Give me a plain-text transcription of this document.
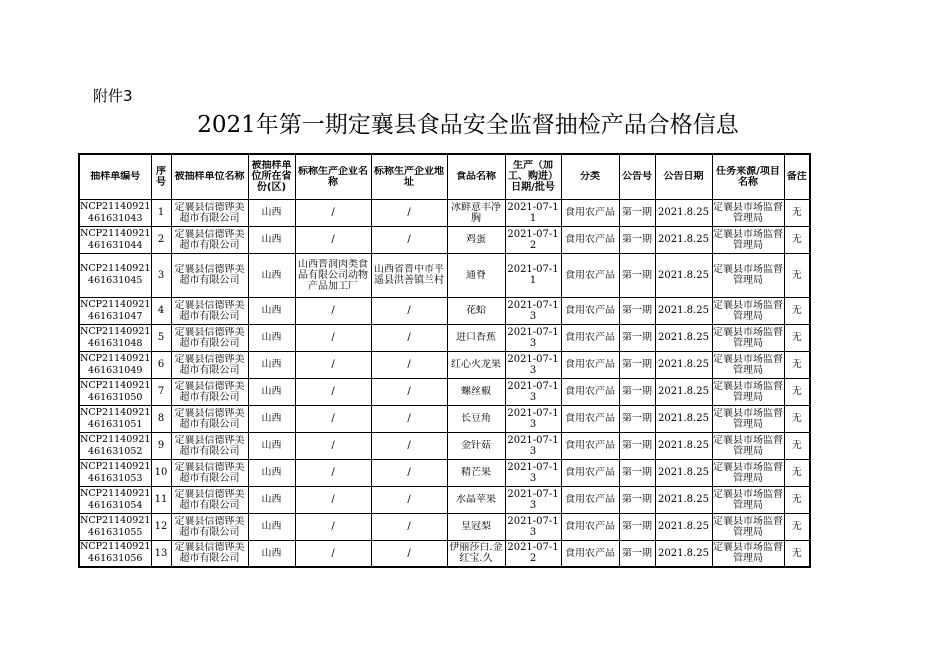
附件3
2021年第一期定襄县食品安全监督抽检产品合格信息
抽样单编号	序号	被抽样单位名称	被抽样单位所在省份(区)	标称生产企业名称	标称生产企业地址	食品名称	生产（加工、购进）日期/批号	分类	公告号	公告日期	任务来源/项目名称	备注

NCP21140921461631043	1	定襄县信德铧美超市有限公司	山西	/	/	冰鲜意丰净胸	2021-07-11	食用农产品	第一期	2021.8.25	定襄县市场监督管理局	无

NCP21140921461631044	2	定襄县信德铧美超市有限公司	山西	/	/	鸡蛋	2021-07-12	食用农产品	第一期	2021.8.25	定襄县市场监督管理局	无

NCP21140921461631045	3	定襄县信德铧美超市有限公司	山西	山西晋润肉类食品有限公司动物产品加工厂	山西省晋中市平遥县洪善镇兰村	通脊	2021-07-11	食用农产品	第一期	2021.8.25	定襄县市场监督管理局	无

NCP21140921461631047	4	定襄县信德铧美超市有限公司	山西	/	/	花蛤	2021-07-13	食用农产品	第一期	2021.8.25	定襄县市场监督管理局	无

NCP21140921461631048	5	定襄县信德铧美超市有限公司	山西	/	/	进口香蕉	2021-07-13	食用农产品	第一期	2021.8.25	定襄县市场监督管理局	无

NCP21140921461631049	6	定襄县信德铧美超市有限公司	山西	/	/	红心火龙果	2021-07-13	食用农产品	第一期	2021.8.25	定襄县市场监督管理局	无

NCP21140921461631050	7	定襄县信德铧美超市有限公司	山西	/	/	螺丝椒	2021-07-13	食用农产品	第一期	2021.8.25	定襄县市场监督管理局	无

NCP21140921461631051	8	定襄县信德铧美超市有限公司	山西	/	/	长豆角	2021-07-13	食用农产品	第一期	2021.8.25	定襄县市场监督管理局	无

NCP21140921461631052	9	定襄县信德铧美超市有限公司	山西	/	/	金针菇	2021-07-13	食用农产品	第一期	2021.8.25	定襄县市场监督管理局	无

NCP21140921461631053	10	定襄县信德铧美超市有限公司	山西	/	/	精芒果	2021-07-13	食用农产品	第一期	2021.8.25	定襄县市场监督管理局	无

NCP21140921461631054	11	定襄县信德铧美超市有限公司	山西	/	/	水晶苹果	2021-07-13	食用农产品	第一期	2021.8.25	定襄县市场监督管理局	无

NCP21140921461631055	12	定襄县信德铧美超市有限公司	山西	/	/	皇冠梨	2021-07-13	食用农产品	第一期	2021.8.25	定襄县市场监督管理局	无

NCP21140921461631056	13	定襄县信德铧美超市有限公司	山西	/	/	伊丽莎白.金红宝.久	2021-07-12	食用农产品	第一期	2021.8.25	定襄县市场监督管理局	无
